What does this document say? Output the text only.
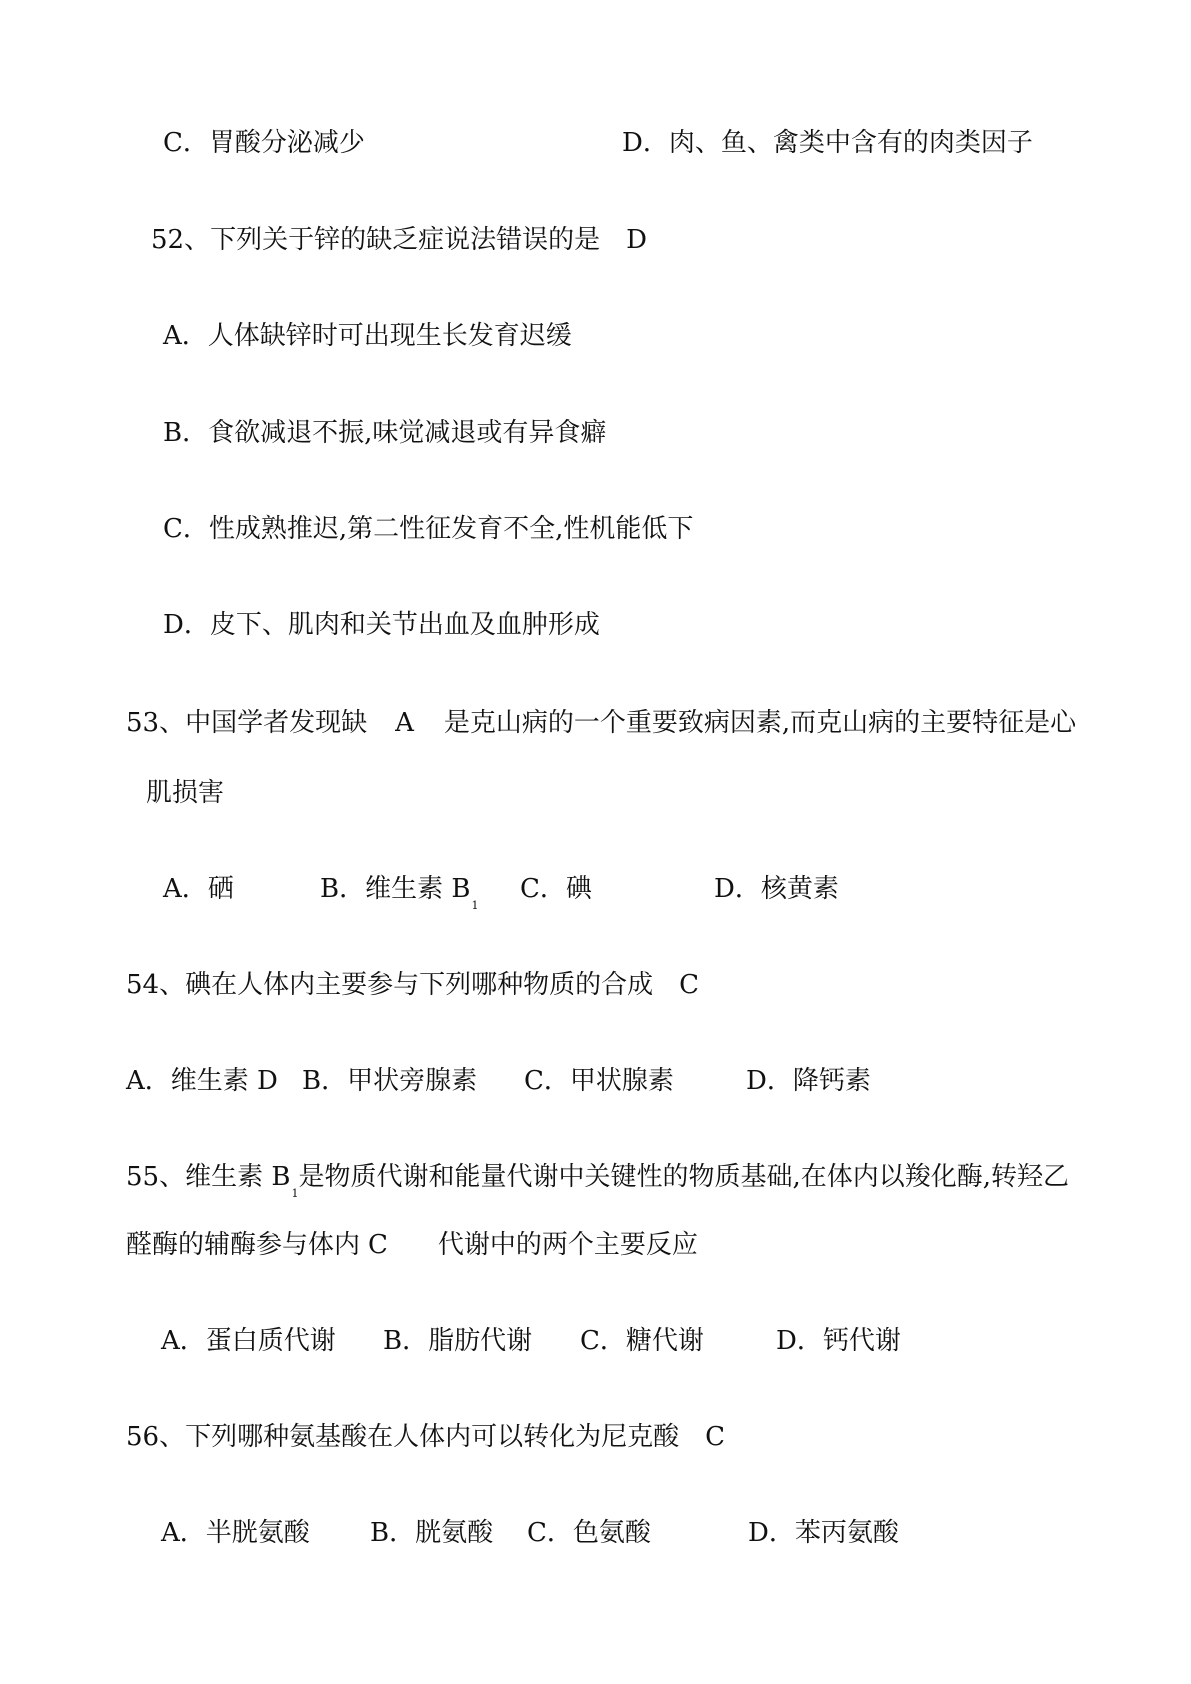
C．胃酸分泌减少	D．肉、鱼、禽类中含有的肉类因子
52、下列关于锌的缺乏症说法错误的是 D
A．人体缺锌时可出现生长发育迟缓
B．食欲减退不振,味觉减退或有异食癖
C．性成熟推迟,第二性征发育不全,性机能低下
D．皮下、肌肉和关节出血及血肿形成
53、中国学者发现缺 A 是克山病的一个重要致病因素,而克山病的主要特征是心
肌损害
A．硒	B．维生素 $B_1$
C．碘	D．核黄素
54、碘在人体内主要参与下列哪种物质的合成 C
A．维生素 D B．甲状旁腺素 C．甲状腺素	D．降钙素
55、维生素 $B_1$是物质代谢和能量代谢中关键性的物质基础,在体内以羧化酶,转羟乙
醛酶的辅酶参与体内 C 代谢中的两个主要反应
A．蛋白质代谢 B．脂肪代谢 C．糖代谢	D．钙代谢
56、下列哪种氨基酸在人体内可以转化为尼克酸 C
A．半胱氨酸 B．胱氨酸 C．色氨酸	D．苯丙氨酸
